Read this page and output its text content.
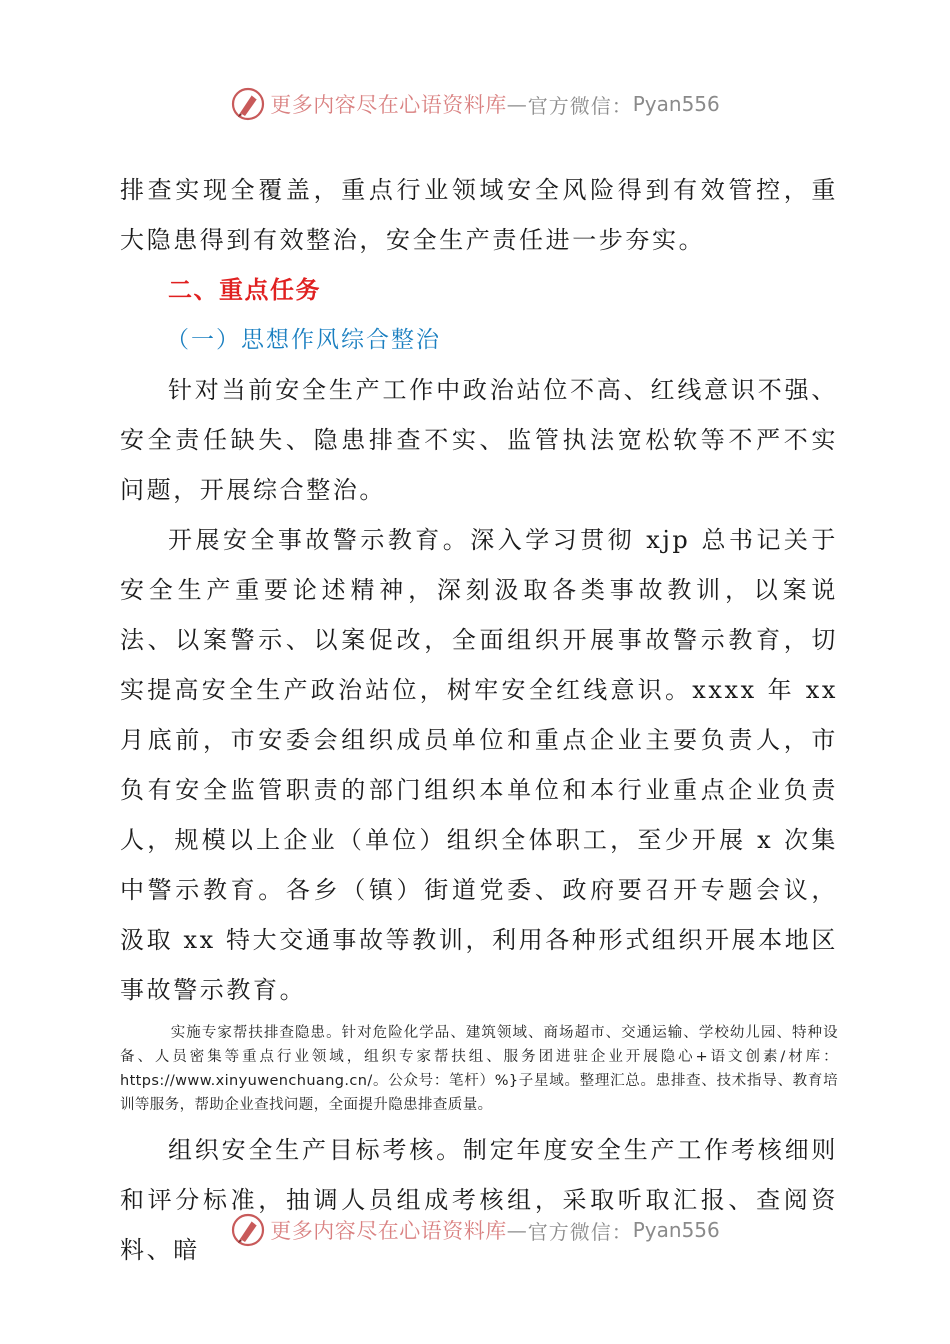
更多内容尽在心语资料库 — 官方微信： Pyan556

排查实现全覆盖，重点行业领域安全风险得到有效管控，重大隐患得到有效整治，安全生产责任进一步夯实。

二、重点任务

（一）思想作风综合整治

针对当前安全生产工作中政治站位不高、红线意识不强、安全责任缺失、隐患排查不实、监管执法宽松软等不严不实问题，开展综合整治。

开展安全事故警示教育。深入学习贯彻 xjp 总书记关于安全生产重要论述精神，深刻汲取各类事故教训，以案说法、以案警示、以案促改，全面组织开展事故警示教育，切实提高安全生产政治站位，树牢安全红线意识。xxxx 年 xx 月底前，市安委会组织成员单位和重点企业主要负责人，市负有安全监管职责的部门组织本单位和本行业重点企业负责人，规模以上企业（单位）组织全体职工，至少开展 x 次集中警示教育。各乡（镇）街道党委、政府要召开专题会议，汲取 xx 特大交通事故等教训，利用各种形式组织开展本地区事故警示教育。

实施专家帮扶排查隐患。针对危险化学品、建筑领域、商场超市、交通运输、学校幼儿园、特种设备、人员密集等重点行业领域，组织专家帮扶组、服务团进驻企业开展隐心+语文创素/材库：https://www.xinyuwenchuang.cn/。公众号：笔杆）%}子星域。整理汇总。患排查、技术指导、教育培训等服务，帮助企业查找问题，全面提升隐患排查质量。

组织安全生产目标考核。制定年度安全生产工作考核细则和评分标准，抽调人员组成考核组，采取听取汇报、查阅资料、暗

更多内容尽在心语资料库 — 官方微信： Pyan556
